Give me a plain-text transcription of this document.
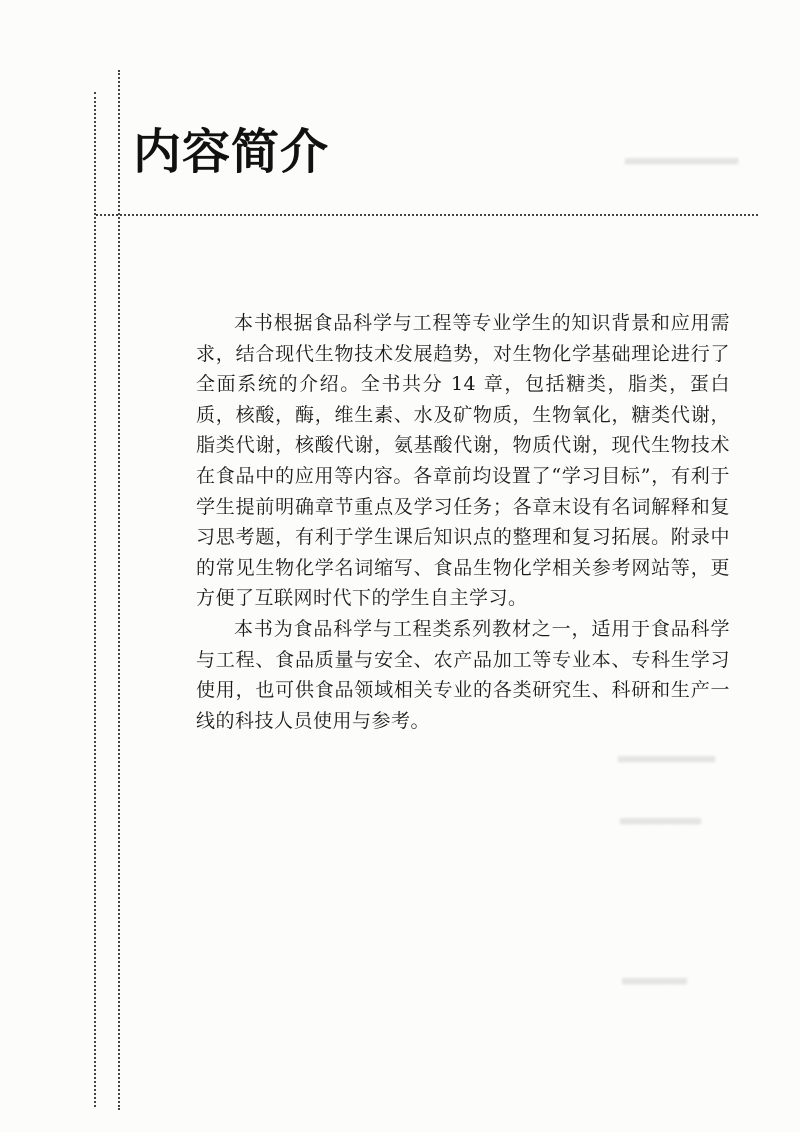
▂▂▂▂▂▂▂
▂▂▂▂▂▂
▂▂▂▂▂
▂▂▂▂
内容简介

本书根据食品科学与工程等专业学生的知识背景和应用需求，结合现代生物技术发展趋势，对生物化学基础理论进行了全面系统的介绍。全书共分 14 章，包括糖类，脂类，蛋白质，核酸，酶，维生素、水及矿物质，生物氧化，糖类代谢，脂类代谢，核酸代谢，氨基酸代谢，物质代谢，现代生物技术在食品中的应用等内容。各章前均设置了“学习目标”，有利于学生提前明确章节重点及学习任务；各章末设有名词解释和复习思考题，有利于学生课后知识点的整理和复习拓展。附录中的常见生物化学名词缩写、食品生物化学相关参考网站等，更方便了互联网时代下的学生自主学习。

本书为食品科学与工程类系列教材之一，适用于食品科学与工程、食品质量与安全、农产品加工等专业本、专科生学习使用，也可供食品领域相关专业的各类研究生、科研和生产一线的科技人员使用与参考。
